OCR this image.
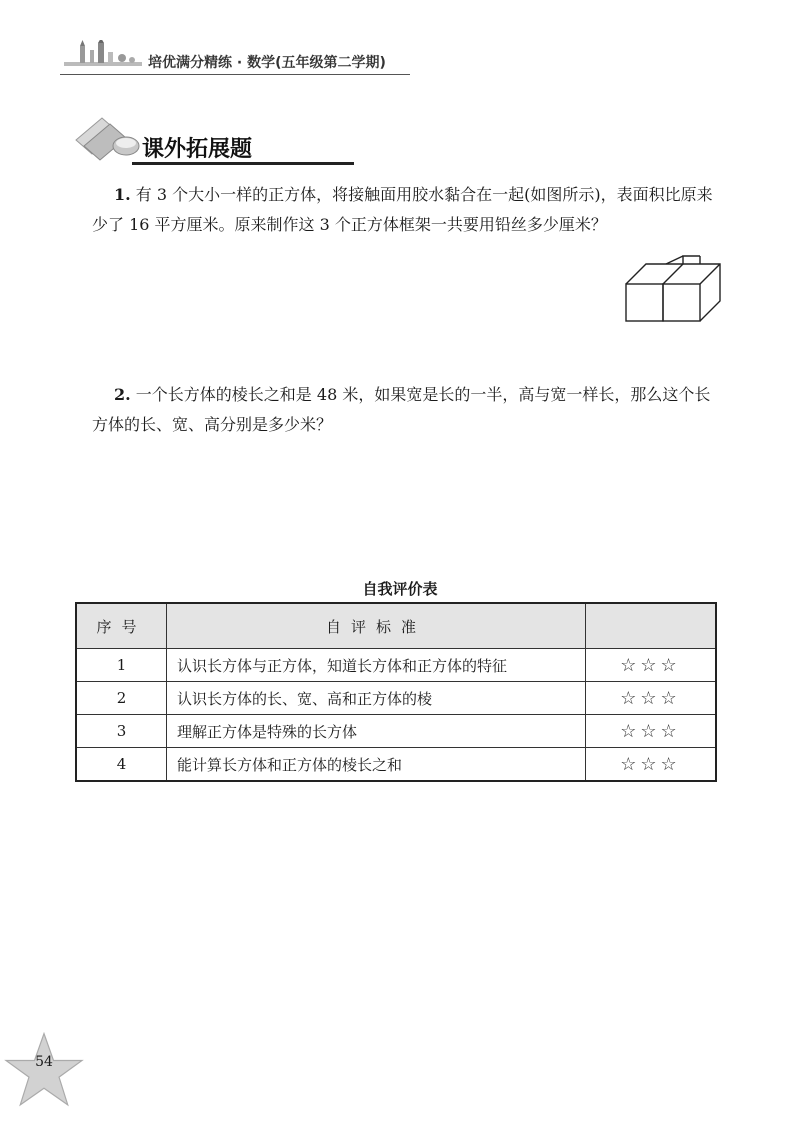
培优满分精练 · 数学(五年级第二学期)
课外拓展题
1. 有 3 个大小一样的正方体，将接触面用胶水黏合在一起(如图所示)，表面积比原来少了 16 平方厘米。原来制作这 3 个正方体框架一共要用铅丝多少厘米？
2. 一个长方体的棱长之和是 48 米，如果宽是长的一半，高与宽一样长，那么这个长方体的长、宽、高分别是多少米？
自我评价表
序号	自评标准	
1	认识长方体与正方体，知道长方体和正方体的特征	☆☆☆
2	认识长方体的长、宽、高和正方体的棱	☆☆☆
3	理解正方体是特殊的长方体	☆☆☆
4	能计算长方体和正方体的棱长之和	☆☆☆
54
